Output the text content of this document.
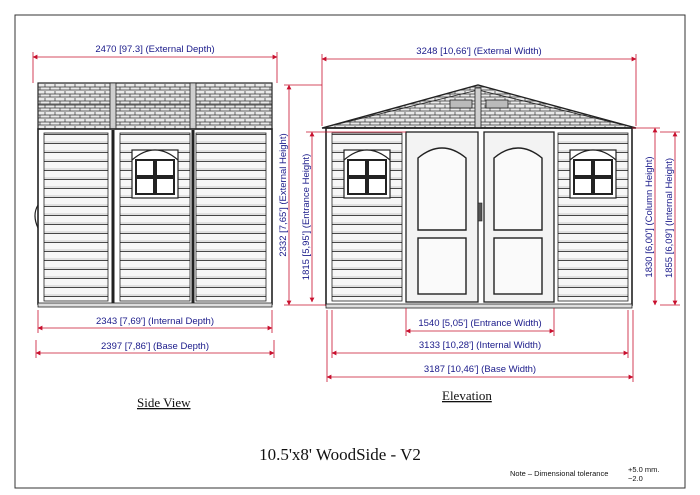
2470 [97.3] (External Depth)
2343 [7,69'] (Internal Depth)
2397 [7,86'] (Base Depth)
Side View
3248 [10,66'] (External Width)
2332 [7,65'] (External Height) 1815 [5,95'] (Entrance Height)	1830 [6,00'] (Column Height) 1855 [6,09'] (Internal Height)
1540 [5,05'] (Entrance Width)
3133 [10,28'] (Internal Width)
3187 [10,46'] (Base Width)
Elevation
10.5'x8' WoodSide - V2
Note – Dimensional tolerance	+5.0 mm.
−2.0
